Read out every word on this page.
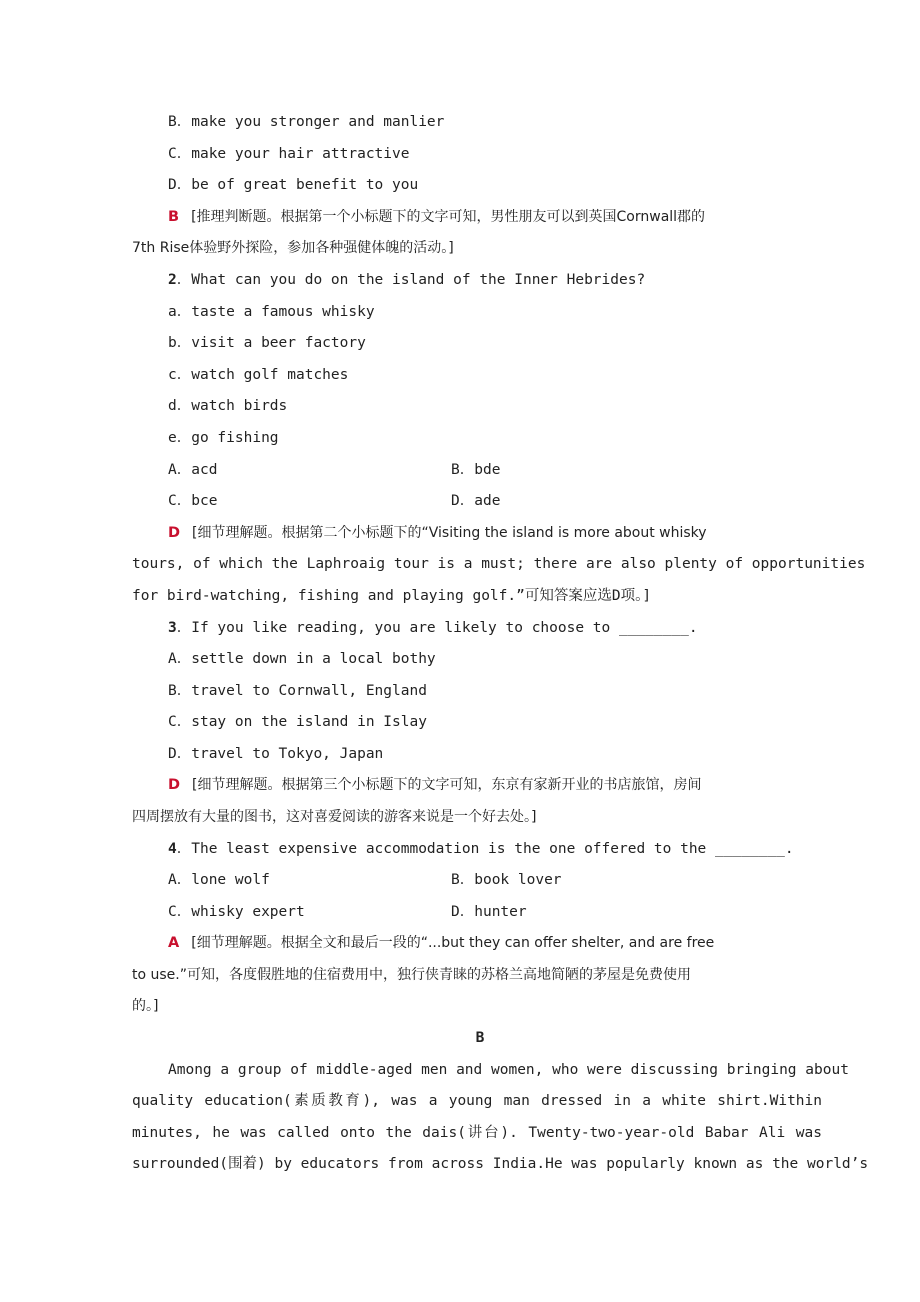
B．make you stronger and manlier
C．make your hair attractive
D．be of great benefit to you
B [推理判断题。根据第一个小标题下的文字可知，男性朋友可以到英国Cornwall郡的
7th Rise体验野外探险，参加各种强健体魄的活动。]
2．What can you do on the island of the Inner Hebrides?
a．taste a famous whisky
b．visit a beer factory
c．watch golf matches
d．watch birds
e．go fishing
A．acd	B．bde
C．bce	D．ade
D [细节理解题。根据第二个小标题下的“Visiting the island is more about whisky
tours, of which the Laphroaig tour is a must; there are also plenty of opportunities
for bird-watching, fishing and playing golf.”可知答案应选D项。]
3．If you like reading, you are likely to choose to ________.
A．settle down in a local bothy
B．travel to Cornwall, England
C．stay on the island in Islay
D．travel to Tokyo, Japan
D [细节理解题。根据第三个小标题下的文字可知，东京有家新开业的书店旅馆，房间
四周摆放有大量的图书，这对喜爱阅读的游客来说是一个好去处。]
4．The least expensive accommodation is the one offered to the ________.
A．lone wolf	B．book lover
C．whisky expert	D．hunter
A [细节理解题。根据全文和最后一段的“...but they can offer shelter, and are free
to use.”可知，各度假胜地的住宿费用中，独行侠青睐的苏格兰高地简陋的茅屋是免费使用
的。]
B
Among a group of middle-aged men and women, who were discussing bringing about
quality education(素质教育), was a young man dressed in a white shirt.Within
minutes, he was called onto the dais(讲台). Twenty-two-year-old Babar Ali was
surrounded(围着) by educators from across India.He was popularly known as the world’s
